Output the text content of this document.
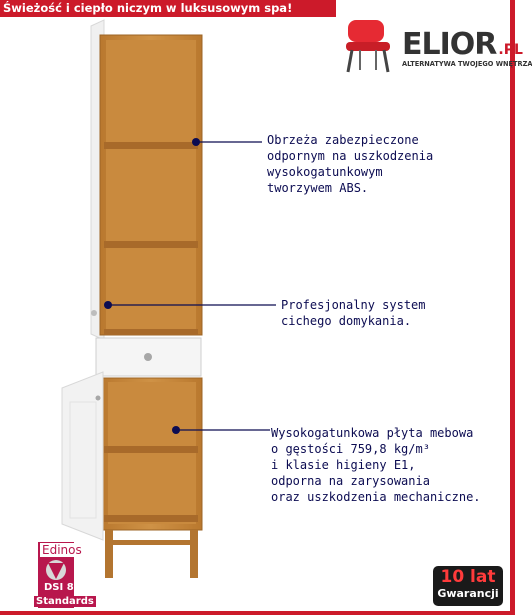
Świeżość i ciepło niczym w luksusowym spa!
ELIOR .PL
ALTERNATYWA TWOJEGO WNĘTRZA
Obrzeża zabezpieczone
odpornym na uszkodzenia
wysokogatunkowym
tworzywem ABS.
Profesjonalny system
cichego domykania.
Wysokogatunkowa płyta mebowa
o gęstości 759,8 kg/m³
i klasie higieny E1,
odporna na zarysowania
oraz uszkodzenia mechaniczne.
Edinos
DSI 804
Standards
10 lat
Gwarancji
